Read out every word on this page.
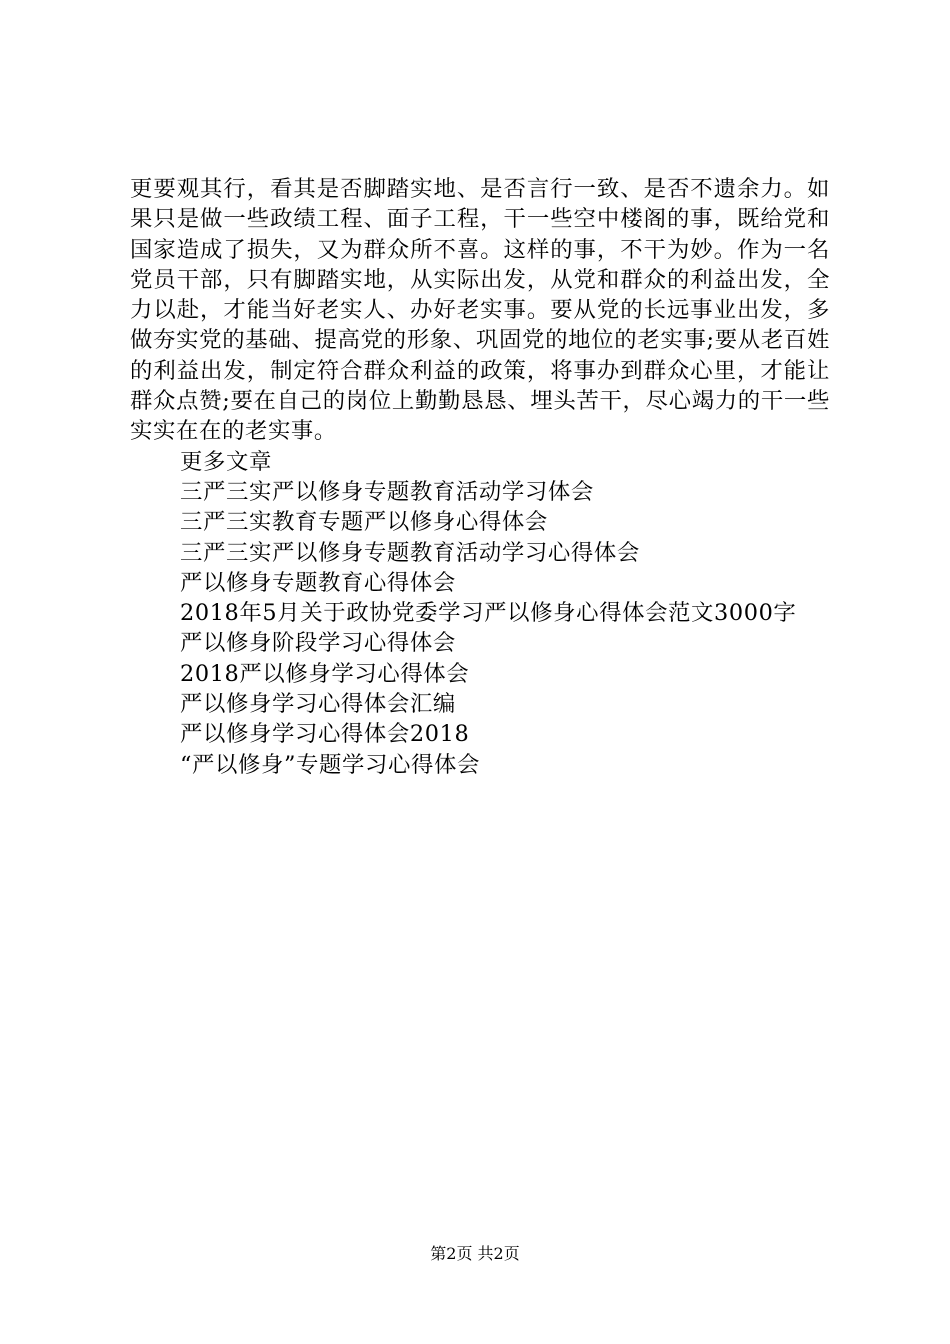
更要观其行，看其是否脚踏实地、是否言行一致、是否不遗余力。如果只是做一些政绩工程、面子工程，干一些空中楼阁的事，既给党和国家造成了损失，又为群众所不喜。这样的事，不干为妙。作为一名党员干部，只有脚踏实地，从实际出发，从党和群众的利益出发，全力以赴，才能当好老实人、办好老实事。要从党的长远事业出发，多做夯实党的基础、提高党的形象、巩固党的地位的老实事;要从老百姓的利益出发，制定符合群众利益的政策，将事办到群众心里，才能让群众点赞;要在自己的岗位上勤勤恳恳、埋头苦干，尽心竭力的干一些实实在在的老实事。

更多文章

三严三实严以修身专题教育活动学习体会

三严三实教育专题严以修身心得体会

三严三实严以修身专题教育活动学习心得体会

严以修身专题教育心得体会

2018年5月关于政协党委学习严以修身心得体会范文3000字

严以修身阶段学习心得体会

2018严以修身学习心得体会

严以修身学习心得体会汇编

严以修身学习心得体会2018

“严以修身”专题学习心得体会

第2页 共2页
